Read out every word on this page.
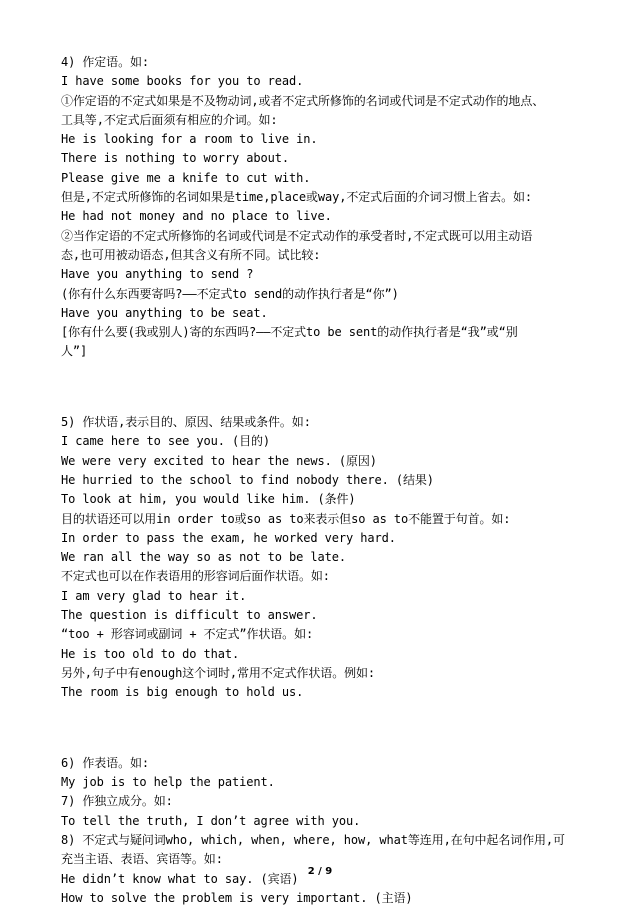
4) 作定语。如:

I have some books for you to read.

①作定语的不定式如果是不及物动词,或者不定式所修饰的名词或代词是不定式动作的地点、

工具等,不定式后面须有相应的介词。如:

He is looking for a room to live in.

There is nothing to worry about.

Please give me a knife to cut with.

但是,不定式所修饰的名词如果是time,place或way,不定式后面的介词习惯上省去。如:

He had not money and no place to live.

②当作定语的不定式所修饰的名词或代词是不定式动作的承受者时,不定式既可以用主动语

态,也可用被动语态,但其含义有所不同。试比较:

Have you anything to send ?

(你有什么东西要寄吗?——不定式to send的动作执行者是“你”)

Have you anything to be seat.

[你有什么要(我或别人)寄的东西吗?——不定式to be sent的动作执行者是“我”或“别

人”]

5) 作状语,表示目的、原因、结果或条件。如:

I came here to see you. (目的)

We were very excited to hear the news. (原因)

He hurried to the school to find nobody there. (结果)

To look at him, you would like him. (条件)

目的状语还可以用in order to或so as to来表示但so as to不能置于句首。如:

In order to pass the exam, he worked very hard.

We ran all the way so as not to be late.

不定式也可以在作表语用的形容词后面作状语。如:

I am very glad to hear it.

The question is difficult to answer.

“too + 形容词或副词 + 不定式”作状语。如:

He is too old to do that.

另外,句子中有enough这个词时,常用不定式作状语。例如:

The room is big enough to hold us.

6) 作表语。如:

My job is to help the patient.

7) 作独立成分。如:

To tell the truth, I don’t agree with you.

8) 不定式与疑问词who, which, when, where, how, what等连用,在句中起名词作用,可

充当主语、表语、宾语等。如:

He didn’t know what to say. (宾语)

How to solve the problem is very important. (主语)

2 / 9
